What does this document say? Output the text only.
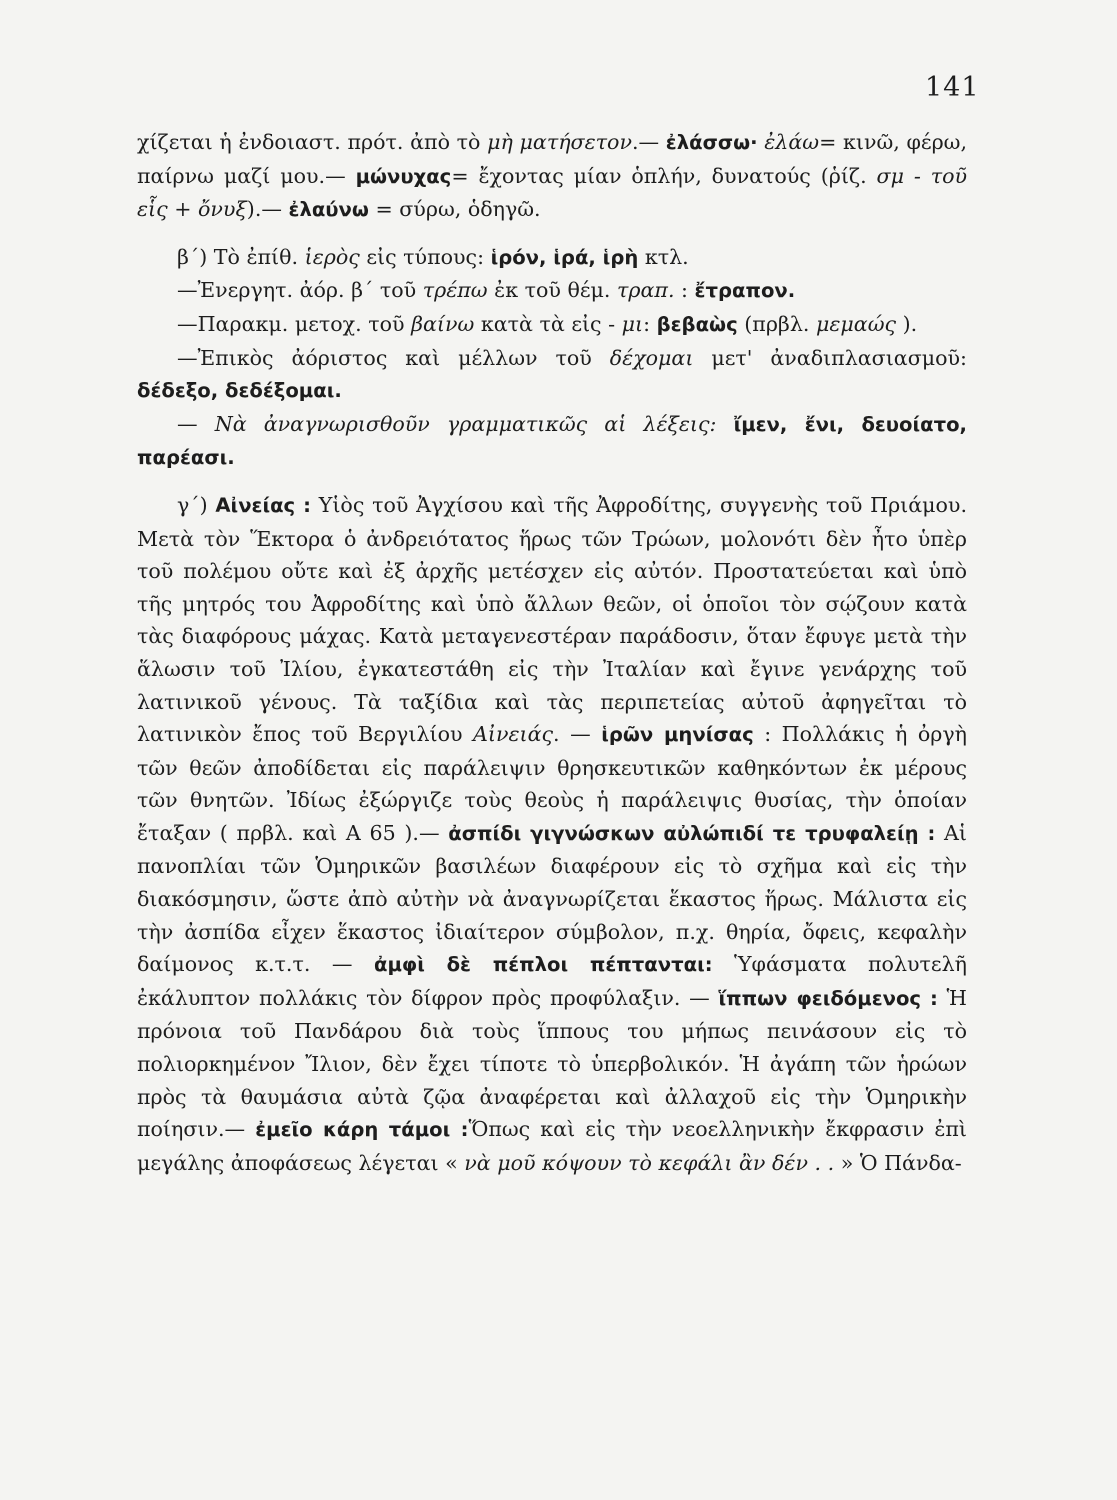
141

χίζεται ἡ ἐνδοιαστ. πρότ. ἀπὸ τὸ μὴ ματήσετον.— ἐλάσσω· ἐλάω= κινῶ, φέρω, παίρνω μαζί μου.— μώνυχας= ἔχοντας μίαν ὁπλήν, δυνατούς (ῥίζ. σμ - τοῦ εἷς + ὄνυξ).— ἐλαύνω = σύρω, ὁδηγῶ.

β΄) Τὸ ἐπίθ. ἱερὸς εἰς τύπους: ἱρόν, ἱρά, ἱρὴ κτλ.

—Ἐνεργητ. ἀόρ. β΄ τοῦ τρέπω ἐκ τοῦ θέμ. τραπ. : ἔτραπον.

—Παρακμ. μετοχ. τοῦ βαίνω κατὰ τὰ εἰς - μι: βεβαὼς (πρβλ. μεμαώς ).

—Ἐπικὸς ἀόριστος καὶ μέλλων τοῦ δέχομαι μετ' ἀναδιπλασιασμοῦ: δέδεξο, δεδέξομαι.

— Νὰ ἀναγνωρισθοῦν γραμματικῶς αἱ λέξεις: ἴμεν, ἔνι, δευοίατο, παρέασι.

γ΄) Αἰνείας : Υἱὸς τοῦ Ἀγχίσου καὶ τῆς Ἀφροδίτης, συγγενὴς τοῦ Πριάμου. Μετὰ τὸν Ἕκτορα ὁ ἀνδρειότατος ἥρως τῶν Τρώων, μολονότι δὲν ἦτο ὑπὲρ τοῦ πολέμου οὔτε καὶ ἐξ ἀρχῆς μετέσχεν εἰς αὐτόν. Προστατεύεται καὶ ὑπὸ τῆς μητρός του Ἀφροδίτης καὶ ὑπὸ ἄλλων θεῶν, οἱ ὁποῖοι τὸν σῴζουν κατὰ τὰς διαφόρους μάχας. Κατὰ μεταγενεστέραν παράδοσιν, ὅταν ἔφυγε μετὰ τὴν ἅλωσιν τοῦ Ἰλίου, ἐγκατεστάθη εἰς τὴν Ἰταλίαν καὶ ἔγινε γενάρχης τοῦ λατινικοῦ γένους. Τὰ ταξίδια καὶ τὰς περιπετείας αὐτοῦ ἀφηγεῖται τὸ λατινικὸν ἔπος τοῦ Βεργιλίου Αἰνειάς. — ἱρῶν μηνίσας : Πολλάκις ἡ ὀργὴ τῶν θεῶν ἀποδίδεται εἰς παράλειψιν θρησκευτικῶν καθηκόντων ἐκ μέρους τῶν θνητῶν. Ἰδίως ἐξώργιζε τοὺς θεοὺς ἡ παράλειψις θυσίας, τὴν ὁποίαν ἔταξαν ( πρβλ. καὶ Α 65 ).— ἀσπίδι γιγνώσκων αὐλώπιδί τε τρυφαλείῃ : Αἱ πανοπλίαι τῶν Ὁμηρικῶν βασιλέων διαφέρουν εἰς τὸ σχῆμα καὶ εἰς τὴν διακόσμησιν, ὥστε ἀπὸ αὐτὴν νὰ ἀναγνωρίζεται ἕκαστος ἥρως. Μάλιστα εἰς τὴν ἀσπίδα εἶχεν ἕκαστος ἰδιαίτερον σύμβολον, π.χ. θηρία, ὄφεις, κεφαλὴν δαίμονος κ.τ.τ. — ἀμφὶ δὲ πέπλοι πέπτανται: Ὑφάσματα πολυτελῆ ἐκάλυπτον πολλάκις τὸν δίφρον πρὸς προφύλαξιν. — ἵππων φειδόμενος : Ἡ πρόνοια τοῦ Πανδάρου διὰ τοὺς ἵππους του μήπως πεινάσουν εἰς τὸ πολιορκημένον Ἴλιον, δὲν ἔχει τίποτε τὸ ὑπερβολικόν. Ἡ ἀγάπη τῶν ἡρώων πρὸς τὰ θαυμάσια αὐτὰ ζῷα ἀναφέρεται καὶ ἀλλαχοῦ εἰς τὴν Ὁμηρικὴν ποίησιν.— ἐμεῖο κάρη τάμοι :Ὅπως καὶ εἰς τὴν νεοελληνικὴν ἔκφρασιν ἐπὶ μεγάλης ἀποφάσεως λέγεται « νὰ μοῦ κόψουν τὸ κεφάλι ἂν δέν . . » Ὁ Πάνδα-
